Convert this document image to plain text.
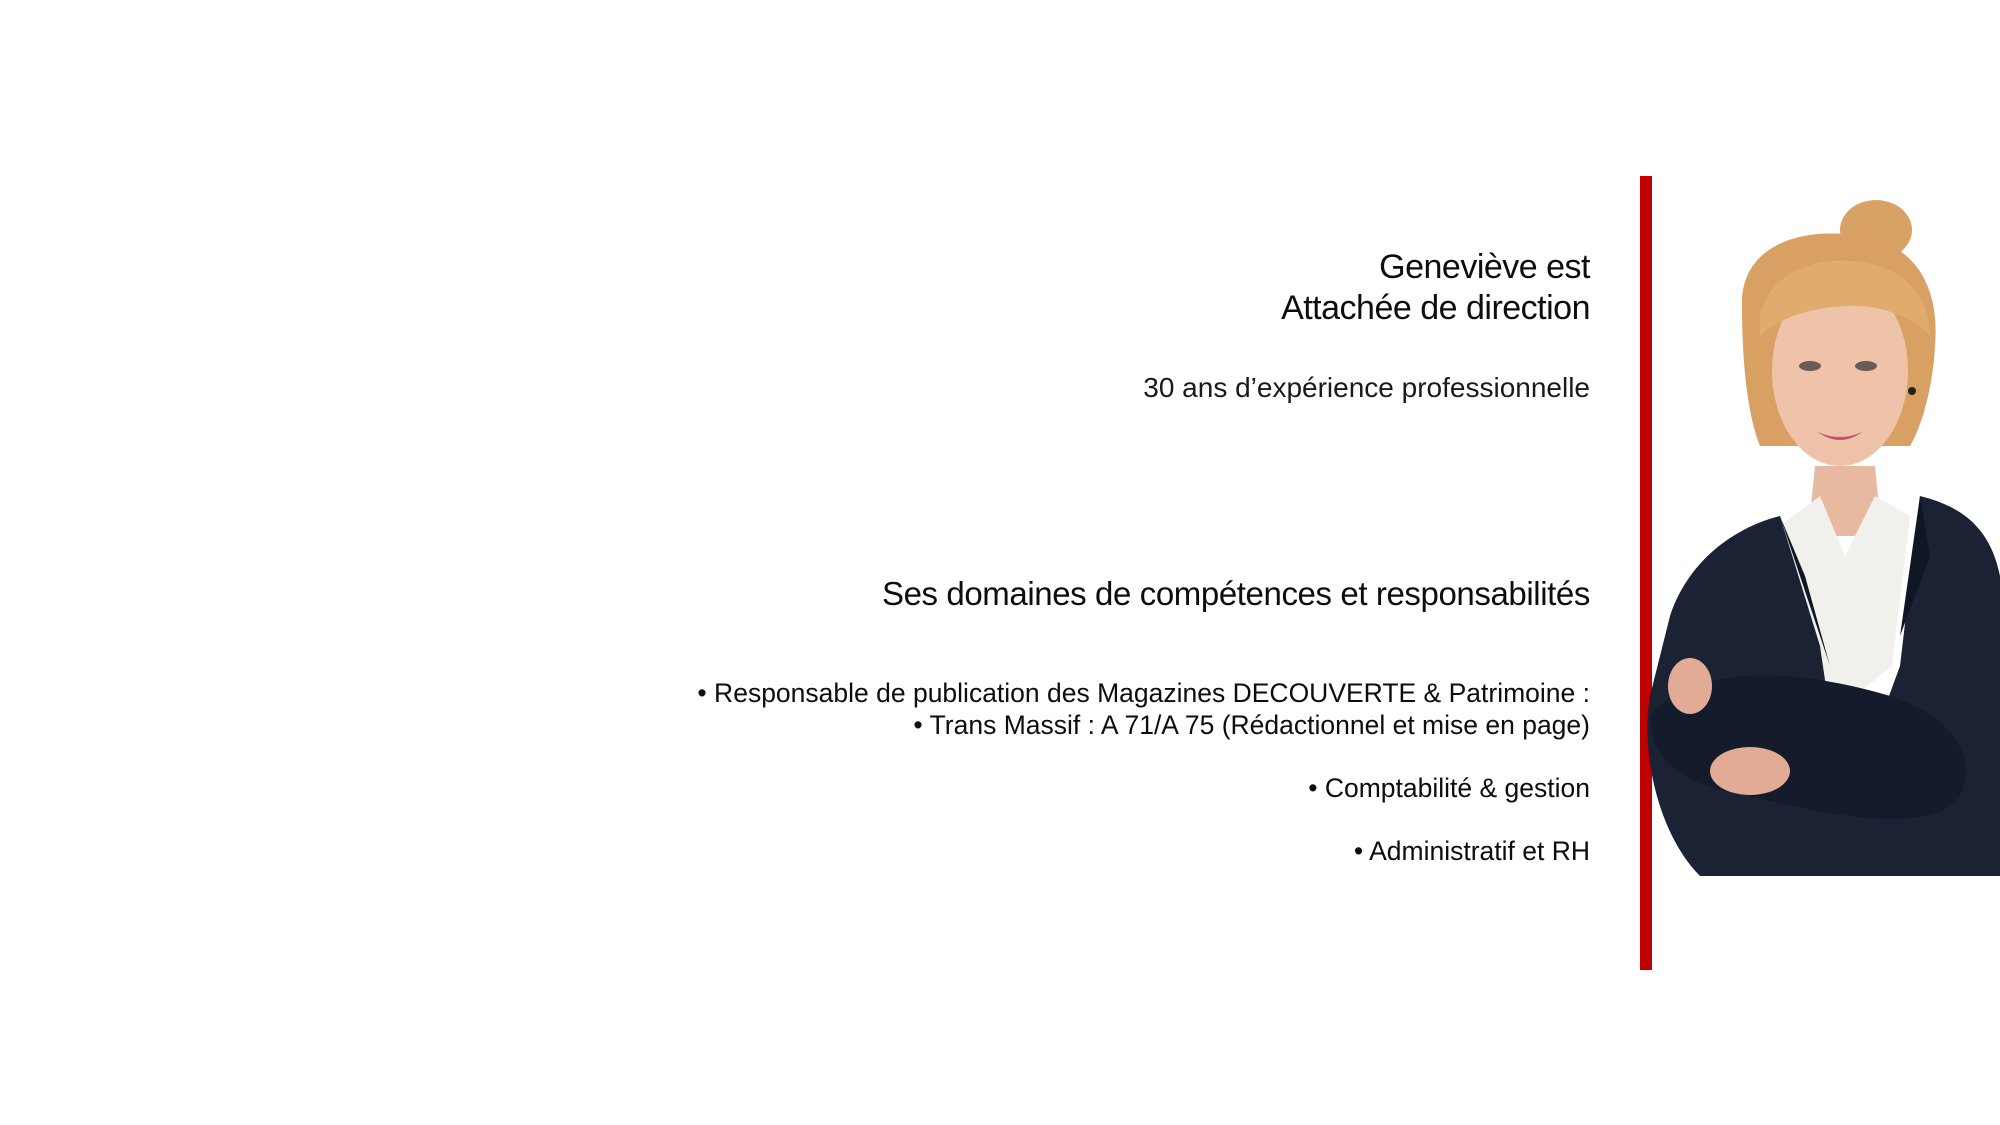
Geneviève est
Attachée de direction
30 ans d’expérience professionnelle
Ses domaines de compétences et responsabilités
• Responsable de publication des Magazines DECOUVERTE & Patrimoine :
• Trans Massif : A 71/A 75 (Rédactionnel et mise en page)
• Comptabilité & gestion
• Administratif et RH
